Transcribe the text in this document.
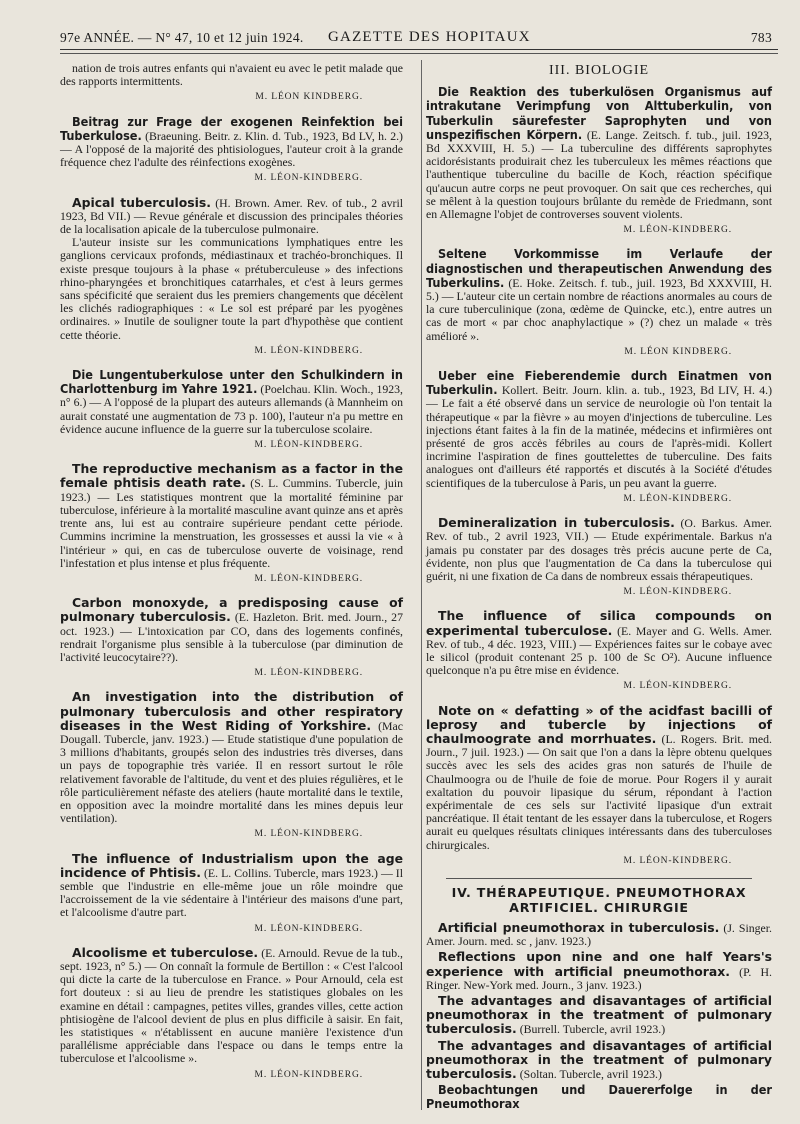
97e ANNÉE. — N° 47, 10 et 12 juin 1924. GAZETTE DES HOPITAUX	783

nation de trois autres enfants qui n'avaient eu avec le petit malade que des rapports intermittents.

M. LÉON KINDBERG.

Beitrag zur Frage der exogenen Reinfektion bei Tuberkulose. (Braeuning. Beitr. z. Klin. d. Tub., 1923, Bd LV, h. 2.) — A l'opposé de la majorité des phtisiologues, l'auteur croit à la grande fréquence chez l'adulte des réinfections exogènes.

M. LÉON-KINDBERG.

Apical tuberculosis. (H. Brown. Amer. Rev. of tub., 2 avril 1923, Bd VII.) — Revue générale et discussion des principales théories de la localisation apicale de la tuberculose pulmonaire.

L'auteur insiste sur les communications lymphatiques entre les ganglions cervicaux profonds, médiastinaux et trachéo-bronchiques. Il existe presque toujours à la phase « prétuberculeuse » des infections rhino-pharyngées et bronchitiques catarrhales, et c'est à leurs germes sans spécificité que seraient dus les premiers changements que décèlent les clichés radiographiques : « Le sol est préparé par les pyogènes ordinaires. » Inutile de souligner toute la part d'hypothèse que contient cette théorie.

M. LÉON-KINDBERG.

Die Lungentuberkulose unter den Schulkindern in Charlottenburg im Yahre 1921. (Poelchau. Klin. Woch., 1923, n° 6.) — A l'opposé de la plupart des auteurs allemands (à Mannheim on aurait constaté une augmentation de 73 p. 100), l'auteur n'a pu mettre en évidence aucune influence de la guerre sur la tuberculose scolaire.

M. LÉON-KINDBERG.

The reproductive mechanism as a factor in the female phtisis death rate. (S. L. Cummins. Tubercle, juin 1923.) — Les statistiques montrent que la mortalité féminine par tuberculose, inférieure à la mortalité masculine avant quinze ans et après trente ans, lui est au contraire supérieure pendant cette période. Cummins incrimine la menstruation, les grossesses et aussi la vie « à l'intérieur » qui, en cas de tuberculose ouverte de voisinage, rend l'infestation et plus intense et plus fréquente.

M. LÉON-KINDBERG.

Carbon monoxyde, a predisposing cause of pulmonary tuberculosis. (E. Hazleton. Brit. med. Journ., 27 oct. 1923.) — L'intoxication par CO, dans des logements confinés, rendrait l'organisme plus sensible à la tuberculose (par diminution de l'activité leucocytaire??).

M. LÉON-KINDBERG.

An investigation into the distribution of pulmonary tuberculosis and other respiratory diseases in the West Riding of Yorkshire. (Mac Dougall. Tubercle, janv. 1923.) — Etude statistique d'une population de 3 millions d'habitants, groupés selon des industries très diverses, dans un pays de topographie très variée. Il en ressort surtout le rôle relativement favorable de l'altitude, du vent et des pluies régulières, et le rôle particulièrement néfaste des ateliers (haute mortalité dans le textile, en opposition avec la moindre mortalité dans les mines depuis leur ventilation).

M. LÉON-KINDBERG.

The influence of Industrialism upon the age incidence of Phtisis. (E. L. Collins. Tubercle, mars 1923.) — Il semble que l'industrie en elle-même joue un rôle moindre que l'accroissement de la vie sédentaire à l'intérieur des maisons d'une part, et l'alcoolisme d'autre part.

M. LÉON-KINDBERG.

Alcoolisme et tuberculose. (E. Arnould. Revue de la tub., sept. 1923, n° 5.) — On connaît la formule de Bertillon : « C'est l'alcool qui dicte la carte de la tuberculose en France. » Pour Arnould, cela est fort douteux : si au lieu de prendre les statistiques globales on les examine en détail : campagnes, petites villes, grandes villes, cette action phtisiogène de l'alcool devient de plus en plus difficile à saisir. En fait, les statistiques « n'établissent en aucune manière l'existence d'un parallélisme appréciable dans l'espace ou dans le temps entre la tuberculose et l'alcoolisme ».

M. LÉON-KINDBERG.
III. BIOLOGIE

Die Reaktion des tuberkulösen Organismus auf intrakutane Verimpfung von Alttuberkulin, von Tuberkulin säurefester Saprophyten und von unspezifischen Körpern. (E. Lange. Zeitsch. f. tub., juil. 1923, Bd XXXVIII, H. 5.) — La tuberculine des différents saprophytes acidorésistants produirait chez les tuberculeux les mêmes réactions que l'authentique tuberculine du bacille de Koch, réaction spécifique qu'aucun autre corps ne peut provoquer. On sait que ces recherches, qui se mêlent à la question toujours brûlante du remède de Friedmann, sont en Allemagne l'objet de controverses souvent violents.

M. LÉON-KINDBERG.

Seltene Vorkommisse im Verlaufe der diagnostischen und therapeutischen Anwendung des Tuberkulins. (E. Hoke. Zeitsch. f. tub., juil. 1923, Bd XXXVIII, H. 5.) — L'auteur cite un certain nombre de réactions anormales au cours de la cure tuberculinique (zona, œdème de Quincke, etc.), entre autres un cas de mort « par choc anaphylactique » (?) chez un malade « très amélioré ».

M. LÉON KINDBERG.

Ueber eine Fieberendemie durch Einatmen von Tuberkulin. Kollert. Beitr. Journ. klin. a. tub., 1923, Bd LIV, H. 4.) — Le fait a été observé dans un service de neurologie où l'on tentait la thérapeutique « par la fièvre » au moyen d'injections de tuberculine. Les injections étant faites à la fin de la matinée, médecins et infirmières ont présenté de gros accès fébriles au cours de l'après-midi. Kollert incrimine l'aspiration de fines gouttelettes de tuberculine. Des faits analogues ont d'ailleurs été rapportés et discutés à la Société d'études scientifiques de la tuberculose à Paris, un peu avant la guerre.

M. LÉON-KINDBERG.

Demineralization in tuberculosis. (O. Barkus. Amer. Rev. of tub., 2 avril 1923, VII.) — Etude expérimentale. Barkus n'a jamais pu constater par des dosages très précis aucune perte de Ca, évidente, non plus que l'augmentation de Ca dans la tuberculose qui guérit, ni une fixation de Ca dans de nombreux essais thérapeutiques.

M. LÉON-KINDBERG.

The influence of silica compounds on experimental tuberculose. (E. Mayer and G. Wells. Amer. Rev. of tub., 4 déc. 1923, VIII.) — Expériences faites sur le cobaye avec le silicol (produit contenant 25 p. 100 de Sc O²). Aucune influence quelconque n'a pu être mise en évidence.

M. LÉON-KINDBERG.

Note on « defatting » of the acidfast bacilli of leprosy and tubercle by injections of chaulmoograte and morrhuates. (L. Rogers. Brit. med. Journ., 7 juil. 1923.) — On sait que l'on a dans la lèpre obtenu quelques succès avec les sels des acides gras non saturés de l'huile de Chaulmoogra ou de l'huile de foie de morue. Pour Rogers il y aurait exaltation du pouvoir lipasique du sérum, répondant à l'action expérimentale de ces sels sur l'activité lipasique d'un extrait pancréatique. Il était tentant de les essayer dans la tuberculose, et Rogers aurait eu quelques résultats cliniques intéressants dans des tuberculoses chirurgicales.

M. LÉON-KINDBERG.
IV. THÉRAPEUTIQUE. PNEUMOTHORAX ARTIFICIEL. CHIRURGIE

Artificial pneumothorax in tuberculosis. (J. Singer. Amer. Journ. med. sc , janv. 1923.)

Reflections upon nine and one half Years's experience with artificial pneumothorax. (P. H. Ringer. New-York med. Journ., 3 janv. 1923.)

The advantages and disavantages of artificial pneumothorax in the treatment of pulmonary tuberculosis. (Burrell. Tubercle, avril 1923.)

The advantages and disavantages of artificial pneumothorax in the treatment of pulmonary tuberculosis. (Soltan. Tubercle, avril 1923.)

Beobachtungen und Dauererfolge in der Pneumothorax
